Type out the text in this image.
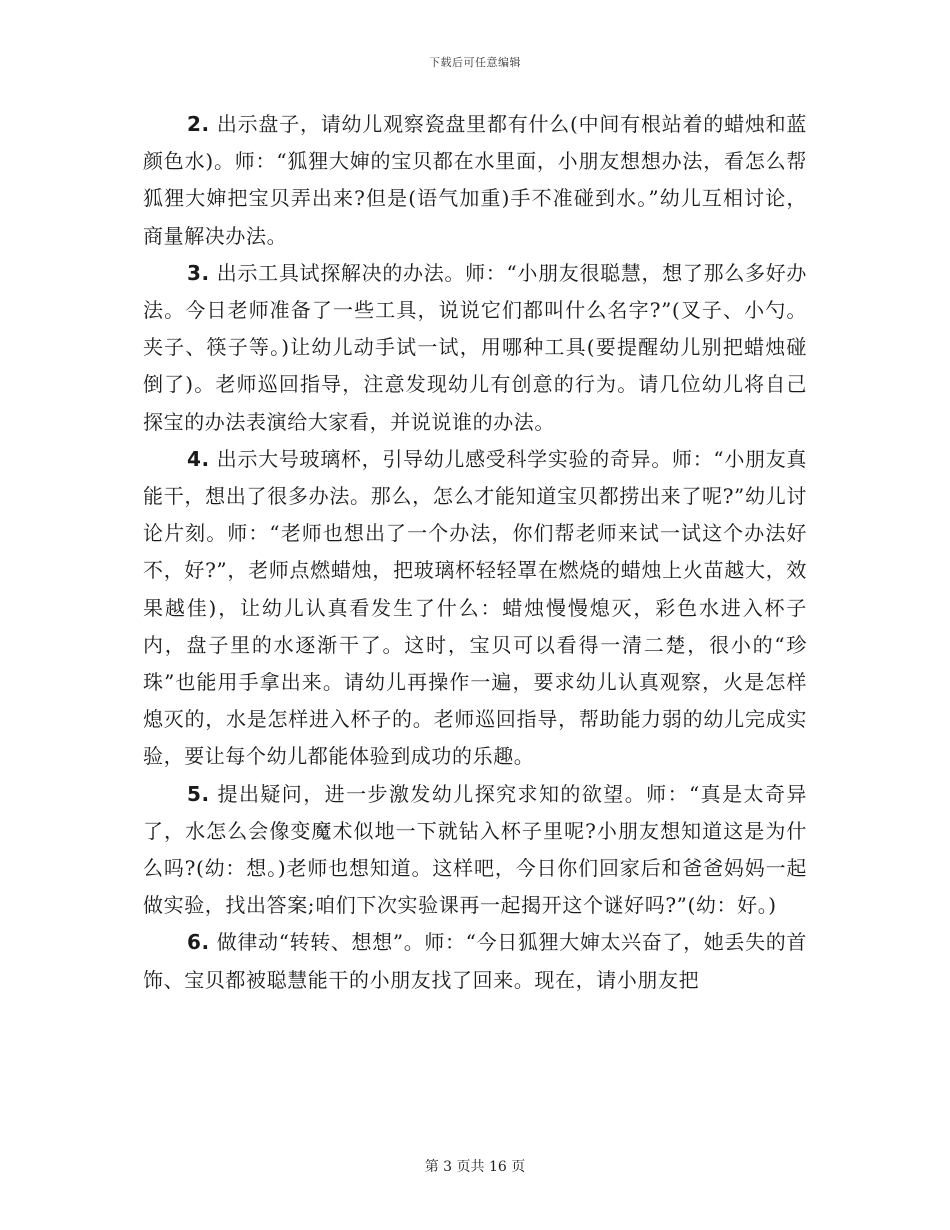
下载后可任意编辑

2. 出示盘子，请幼儿观察瓷盘里都有什么(中间有根站着的蜡烛和蓝颜色水)。师：“狐狸大婶的宝贝都在水里面，小朋友想想办法，看怎么帮狐狸大婶把宝贝弄出来?但是(语气加重)手不准碰到水。”幼儿互相讨论，商量解决办法。

3. 出示工具试探解决的办法。师：“小朋友很聪慧，想了那么多好办法。今日老师准备了一些工具，说说它们都叫什么名字?”(叉子、小勺。夹子、筷子等。)让幼儿动手试一试，用哪种工具(要提醒幼儿别把蜡烛碰倒了)。老师巡回指导，注意发现幼儿有创意的行为。请几位幼儿将自己探宝的办法表演给大家看，并说说谁的办法。

4. 出示大号玻璃杯，引导幼儿感受科学实验的奇异。师：“小朋友真能干，想出了很多办法。那么，怎么才能知道宝贝都捞出来了呢?”幼儿讨论片刻。师：“老师也想出了一个办法，你们帮老师来试一试这个办法好不，好?”，老师点燃蜡烛，把玻璃杯轻轻罩在燃烧的蜡烛上火苗越大，效果越佳)，让幼儿认真看发生了什么：蜡烛慢慢熄灭，彩色水进入杯子内，盘子里的水逐渐干了。这时，宝贝可以看得一清二楚，很小的“珍珠”也能用手拿出来。请幼儿再操作一遍，要求幼儿认真观察，火是怎样熄灭的，水是怎样进入杯子的。老师巡回指导，帮助能力弱的幼儿完成实验，要让每个幼儿都能体验到成功的乐趣。

5. 提出疑问，进一步激发幼儿探究求知的欲望。师：“真是太奇异了，水怎么会像变魔术似地一下就钻入杯子里呢?小朋友想知道这是为什么吗?(幼：想。)老师也想知道。这样吧，今日你们回家后和爸爸妈妈一起做实验，找出答案;咱们下次实验课再一起揭开这个谜好吗?”(幼：好。)

6. 做律动“转转、想想”。师：“今日狐狸大婶太兴奋了，她丢失的首饰、宝贝都被聪慧能干的小朋友找了回来。现在，请小朋友把

第 3 页共 16 页
